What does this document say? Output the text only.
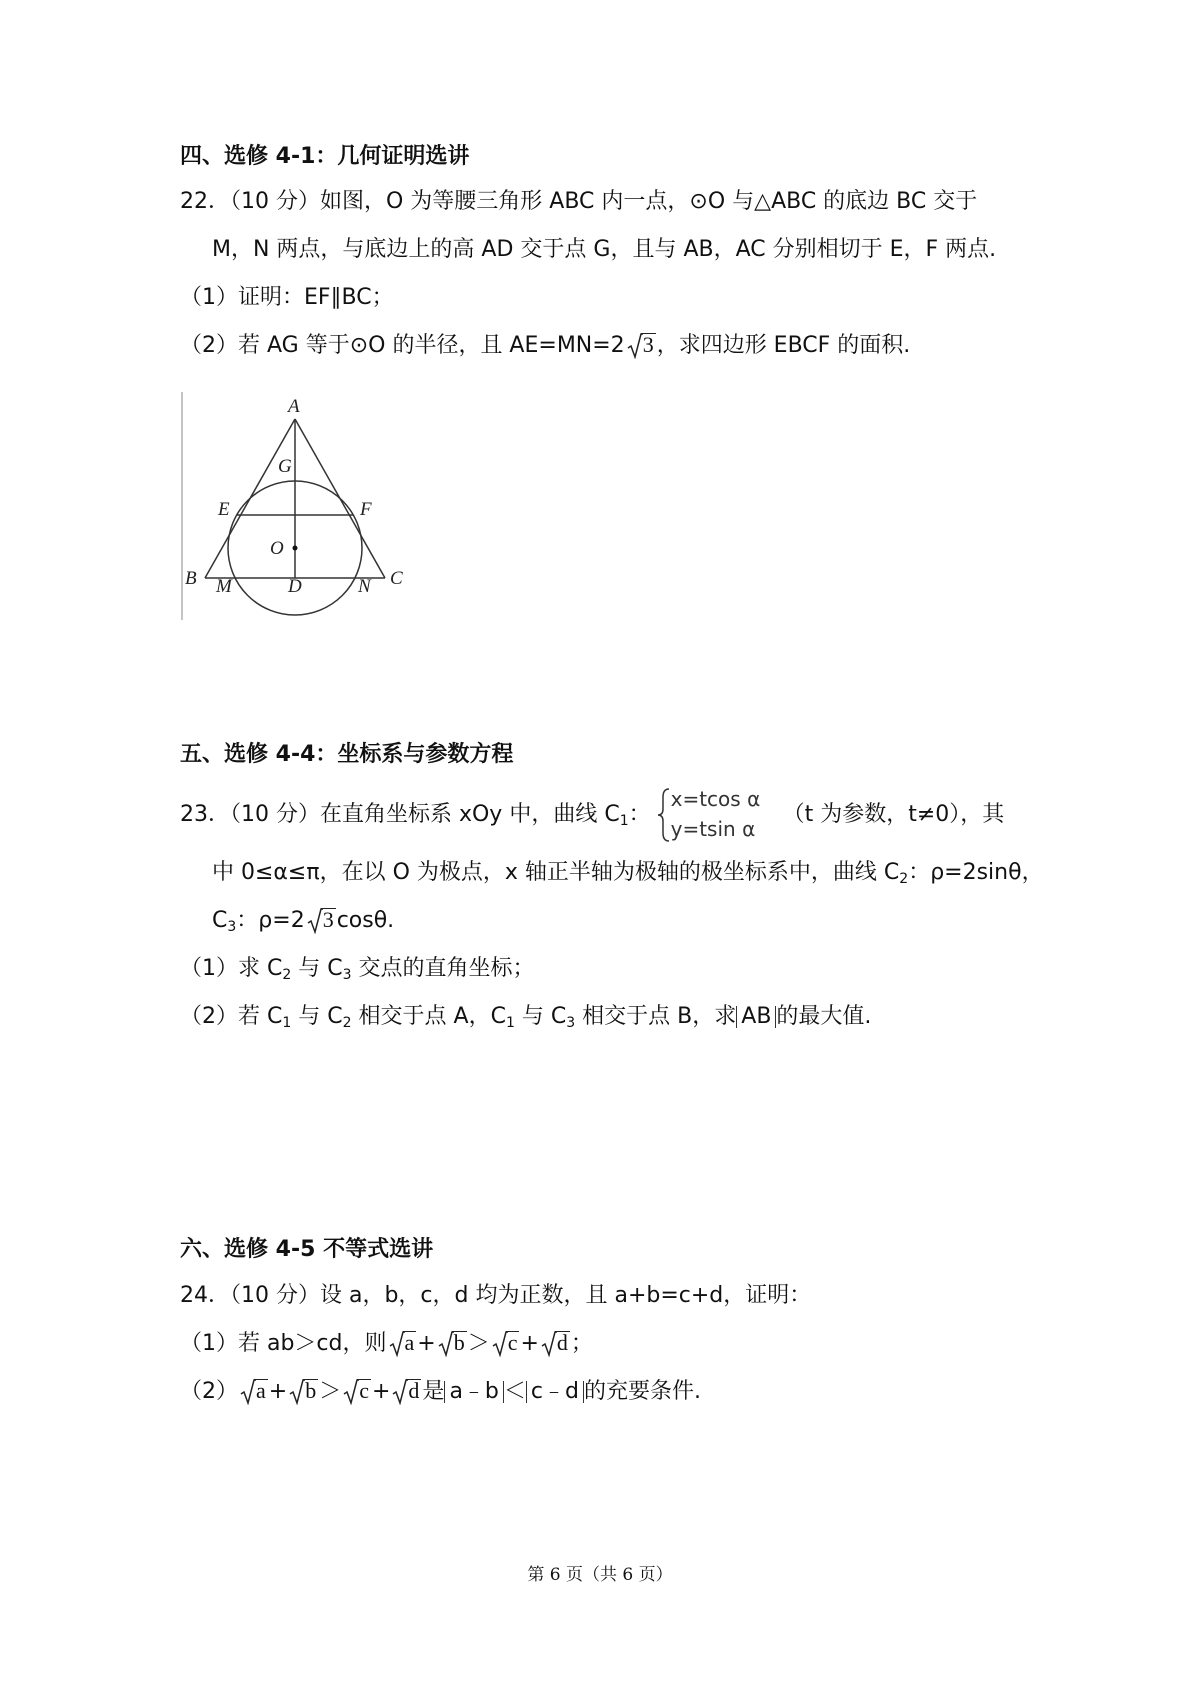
四、选修 4-1：几何证明选讲
22．（10 分）如图，O 为等腰三角形 ABC 内一点，⊙O 与△ABC 的底边 BC 交于
M，N 两点，与底边上的高 AD 交于点 G，且与 AB，AC 分别相切于 E，F 两点.
（1）证明：EF∥BC；
（2）若 AG 等于⊙O 的半径，且 AE=MN=2 3 ，求四边形 EBCF 的面积.
A
G
E	F
O
B M	D	N C
五、选修 4-4：坐标系与参数方程
23．（10 分）在直角坐标系 xOy 中，曲线 $C_1$：
x=tcos α
y=tsin α
（t 为参数，t≠0），其
中 0≤α≤π，在以 O 为极点，x 轴正半轴为极轴的极坐标系中，曲线 $C_2$：ρ=2sinθ，
$C_3$：ρ=2 3 cosθ.
（1）求 $C_2$ 与 $C_3$ 交点的直角坐标；
（2）若 $C_1$ 与 $C_2$ 相交于点 A，$C_1$ 与 $C_3$ 相交于点 B，求 AB 的最大值.
六、选修 4-5 不等式选讲
24．（10 分）设 a，b，c，d 均为正数，且 a+b=c+d，证明：
（1）若 ab＞cd，则 a + b ＞ c + d ；
（2） a + b ＞ c + d 是 a﹣b ＜ c﹣d 的充要条件.
第 6 页（共 6 页）
